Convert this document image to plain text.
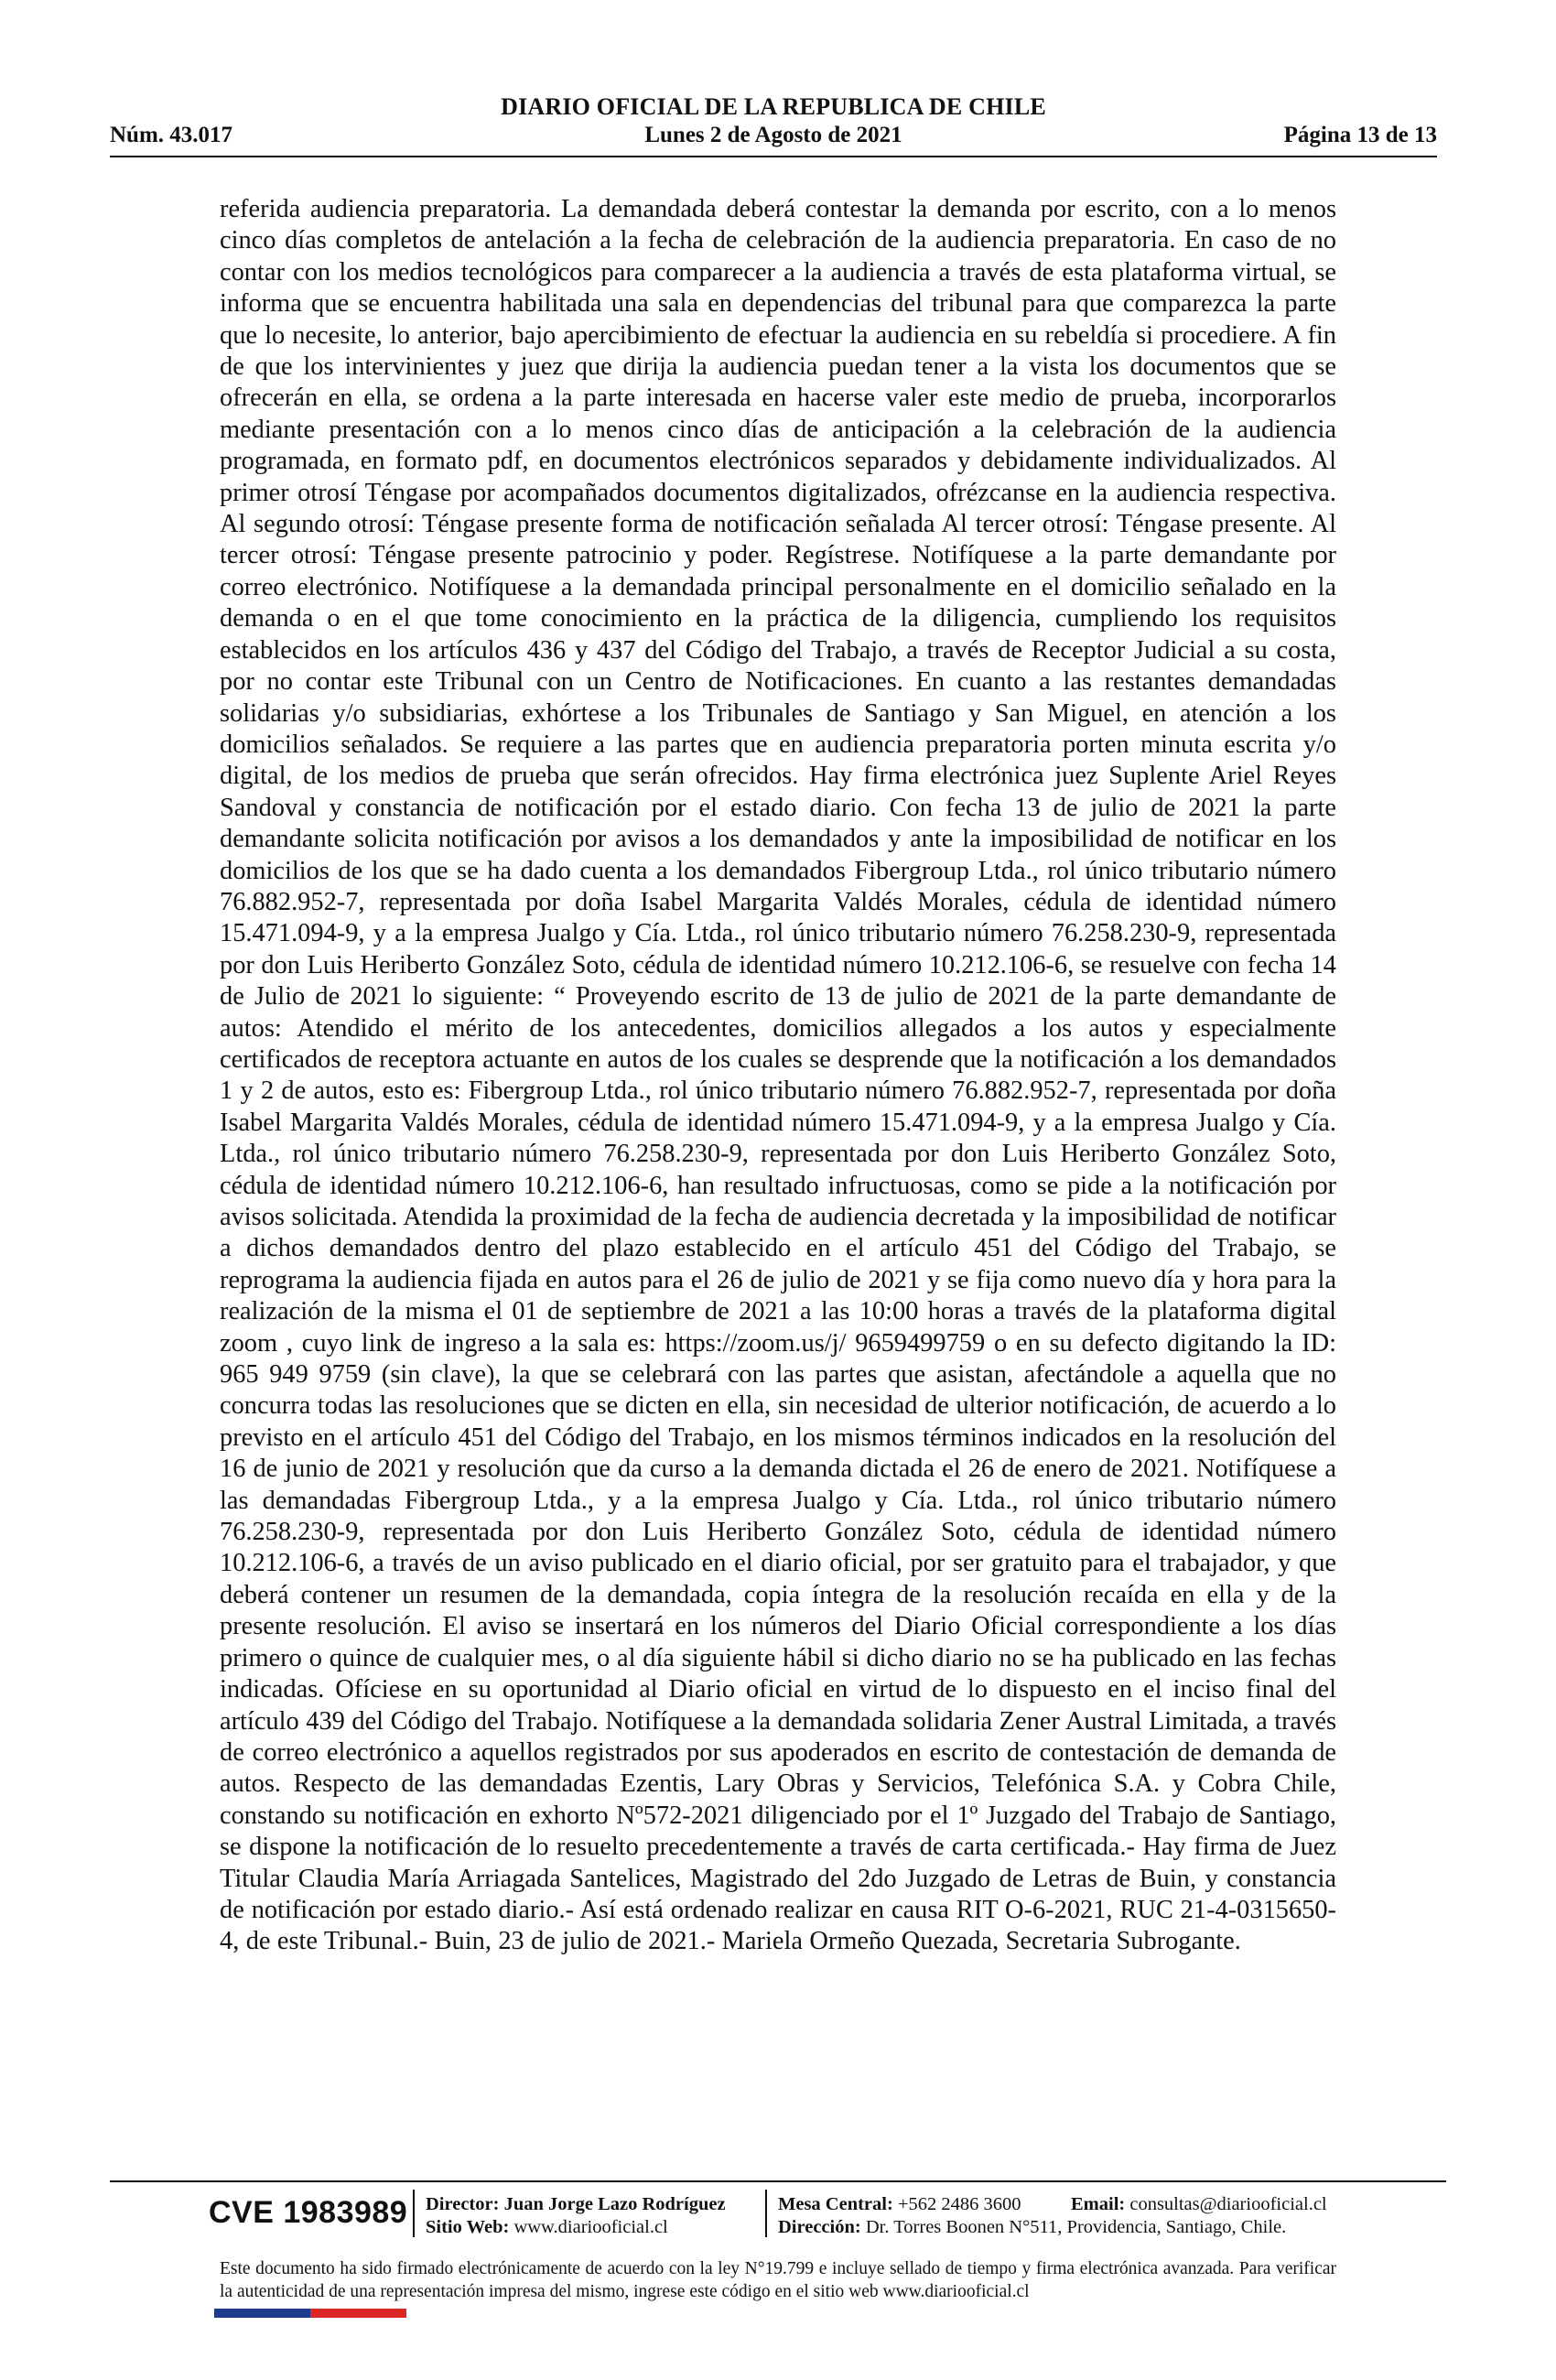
DIARIO OFICIAL DE LA REPUBLICA DE CHILE
Núm. 43.017	Lunes 2 de Agosto de 2021	Página 13 de 13
referida audiencia preparatoria. La demandada deberá contestar la demanda por escrito, con a lo menos cinco días completos de antelación a la fecha de celebración de la audiencia preparatoria. En caso de no contar con los medios tecnológicos para comparecer a la audiencia a través de esta plataforma virtual, se informa que se encuentra habilitada una sala en dependencias del tribunal para que comparezca la parte que lo necesite, lo anterior, bajo apercibimiento de efectuar la audiencia en su rebeldía si procediere. A fin de que los intervinientes y juez que dirija la audiencia puedan tener a la vista los documentos que se ofrecerán en ella, se ordena a la parte interesada en hacerse valer este medio de prueba, incorporarlos mediante presentación con a lo menos cinco días de anticipación a la celebración de la audiencia programada, en formato pdf, en documentos electrónicos separados y debidamente individualizados. Al primer otrosí Téngase por acompañados documentos digitalizados, ofrézcanse en la audiencia respectiva. Al segundo otrosí: Téngase presente forma de notificación señalada Al tercer otrosí: Téngase presente. Al tercer otrosí: Téngase presente patrocinio y poder. Regístrese. Notifíquese a la parte demandante por correo electrónico. Notifíquese a la demandada principal personalmente en el domicilio señalado en la demanda o en el que tome conocimiento en la práctica de la diligencia, cumpliendo los requisitos establecidos en los artículos 436 y 437 del Código del Trabajo, a través de Receptor Judicial a su costa, por no contar este Tribunal con un Centro de Notificaciones. En cuanto a las restantes demandadas solidarias y/o subsidiarias, exhórtese a los Tribunales de Santiago y San Miguel, en atención a los domicilios señalados. Se requiere a las partes que en audiencia preparatoria porten minuta escrita y/o digital, de los medios de prueba que serán ofrecidos. Hay firma electrónica juez Suplente Ariel Reyes Sandoval y constancia de notificación por el estado diario. Con fecha 13 de julio de 2021 la parte demandante solicita notificación por avisos a los demandados y ante la imposibilidad de notificar en los domicilios de los que se ha dado cuenta a los demandados Fibergroup Ltda., rol único tributario número 76.882.952-7, representada por doña Isabel Margarita Valdés Morales, cédula de identidad número 15.471.094-9, y a la empresa Jualgo y Cía. Ltda., rol único tributario número 76.258.230-9, representada por don Luis Heriberto González Soto, cédula de identidad número 10.212.106-6, se resuelve con fecha 14 de Julio de 2021 lo siguiente: “ Proveyendo escrito de 13 de julio de 2021 de la parte demandante de autos: Atendido el mérito de los antecedentes, domicilios allegados a los autos y especialmente certificados de receptora actuante en autos de los cuales se desprende que la notificación a los demandados 1 y 2 de autos, esto es: Fibergroup Ltda., rol único tributario número 76.882.952-7, representada por doña Isabel Margarita Valdés Morales, cédula de identidad número 15.471.094-9, y a la empresa Jualgo y Cía. Ltda., rol único tributario número 76.258.230-9, representada por don Luis Heriberto González Soto, cédula de identidad número 10.212.106-6, han resultado infructuosas, como se pide a la notificación por avisos solicitada. Atendida la proximidad de la fecha de audiencia decretada y la imposibilidad de notificar a dichos demandados dentro del plazo establecido en el artículo 451 del Código del Trabajo, se reprograma la audiencia fijada en autos para el 26 de julio de 2021 y se fija como nuevo día y hora para la realización de la misma el 01 de septiembre de 2021 a las 10:00 horas a través de la plataforma digital zoom , cuyo link de ingreso a la sala es: https://zoom.us/j/ 9659499759 o en su defecto digitando la ID: 965 949 9759 (sin clave), la que se celebrará con las partes que asistan, afectándole a aquella que no concurra todas las resoluciones que se dicten en ella, sin necesidad de ulterior notificación, de acuerdo a lo previsto en el artículo 451 del Código del Trabajo, en los mismos términos indicados en la resolución del 16 de junio de 2021 y resolución que da curso a la demanda dictada el 26 de enero de 2021. Notifíquese a las demandadas Fibergroup Ltda., y a la empresa Jualgo y Cía. Ltda., rol único tributario número 76.258.230-9, representada por don Luis Heriberto González Soto, cédula de identidad número 10.212.106-6, a través de un aviso publicado en el diario oficial, por ser gratuito para el trabajador, y que deberá contener un resumen de la demandada, copia íntegra de la resolución recaída en ella y de la presente resolución. El aviso se insertará en los números del Diario Oficial correspondiente a los días primero o quince de cualquier mes, o al día siguiente hábil si dicho diario no se ha publicado en las fechas indicadas. Ofíciese en su oportunidad al Diario oficial en virtud de lo dispuesto en el inciso final del artículo 439 del Código del Trabajo. Notifíquese a la demandada solidaria Zener Austral Limitada, a través de correo electrónico a aquellos registrados por sus apoderados en escrito de contestación de demanda de autos. Respecto de las demandadas Ezentis, Lary Obras y Servicios, Telefónica S.A. y Cobra Chile, constando su notificación en exhorto Nº572-2021 diligenciado por el 1º Juzgado del Trabajo de Santiago, se dispone la notificación de lo resuelto precedentemente a través de carta certificada.- Hay firma de Juez Titular Claudia María Arriagada Santelices, Magistrado del 2do Juzgado de Letras de Buin, y constancia de notificación por estado diario.- Así está ordenado realizar en causa RIT O-6-2021, RUC 21-4-0315650-4, de este Tribunal.- Buin, 23 de julio de 2021.- Mariela Ormeño Quezada, Secretaria Subrogante.
CVE 1983989 Director: Juan Jorge Lazo Rodríguez
Sitio Web: www.diariooficial.cl
Mesa Central: +562 2486 3600
Dirección: Dr. Torres Boonen N°511, Providencia, Santiago, Chile.
Email: consultas@diariooficial.cl
Este documento ha sido firmado electrónicamente de acuerdo con la ley N°19.799 e incluye sellado de tiempo y firma electrónica avanzada. Para verificar la autenticidad de una representación impresa del mismo, ingrese este código en el sitio web www.diariooficial.cl
